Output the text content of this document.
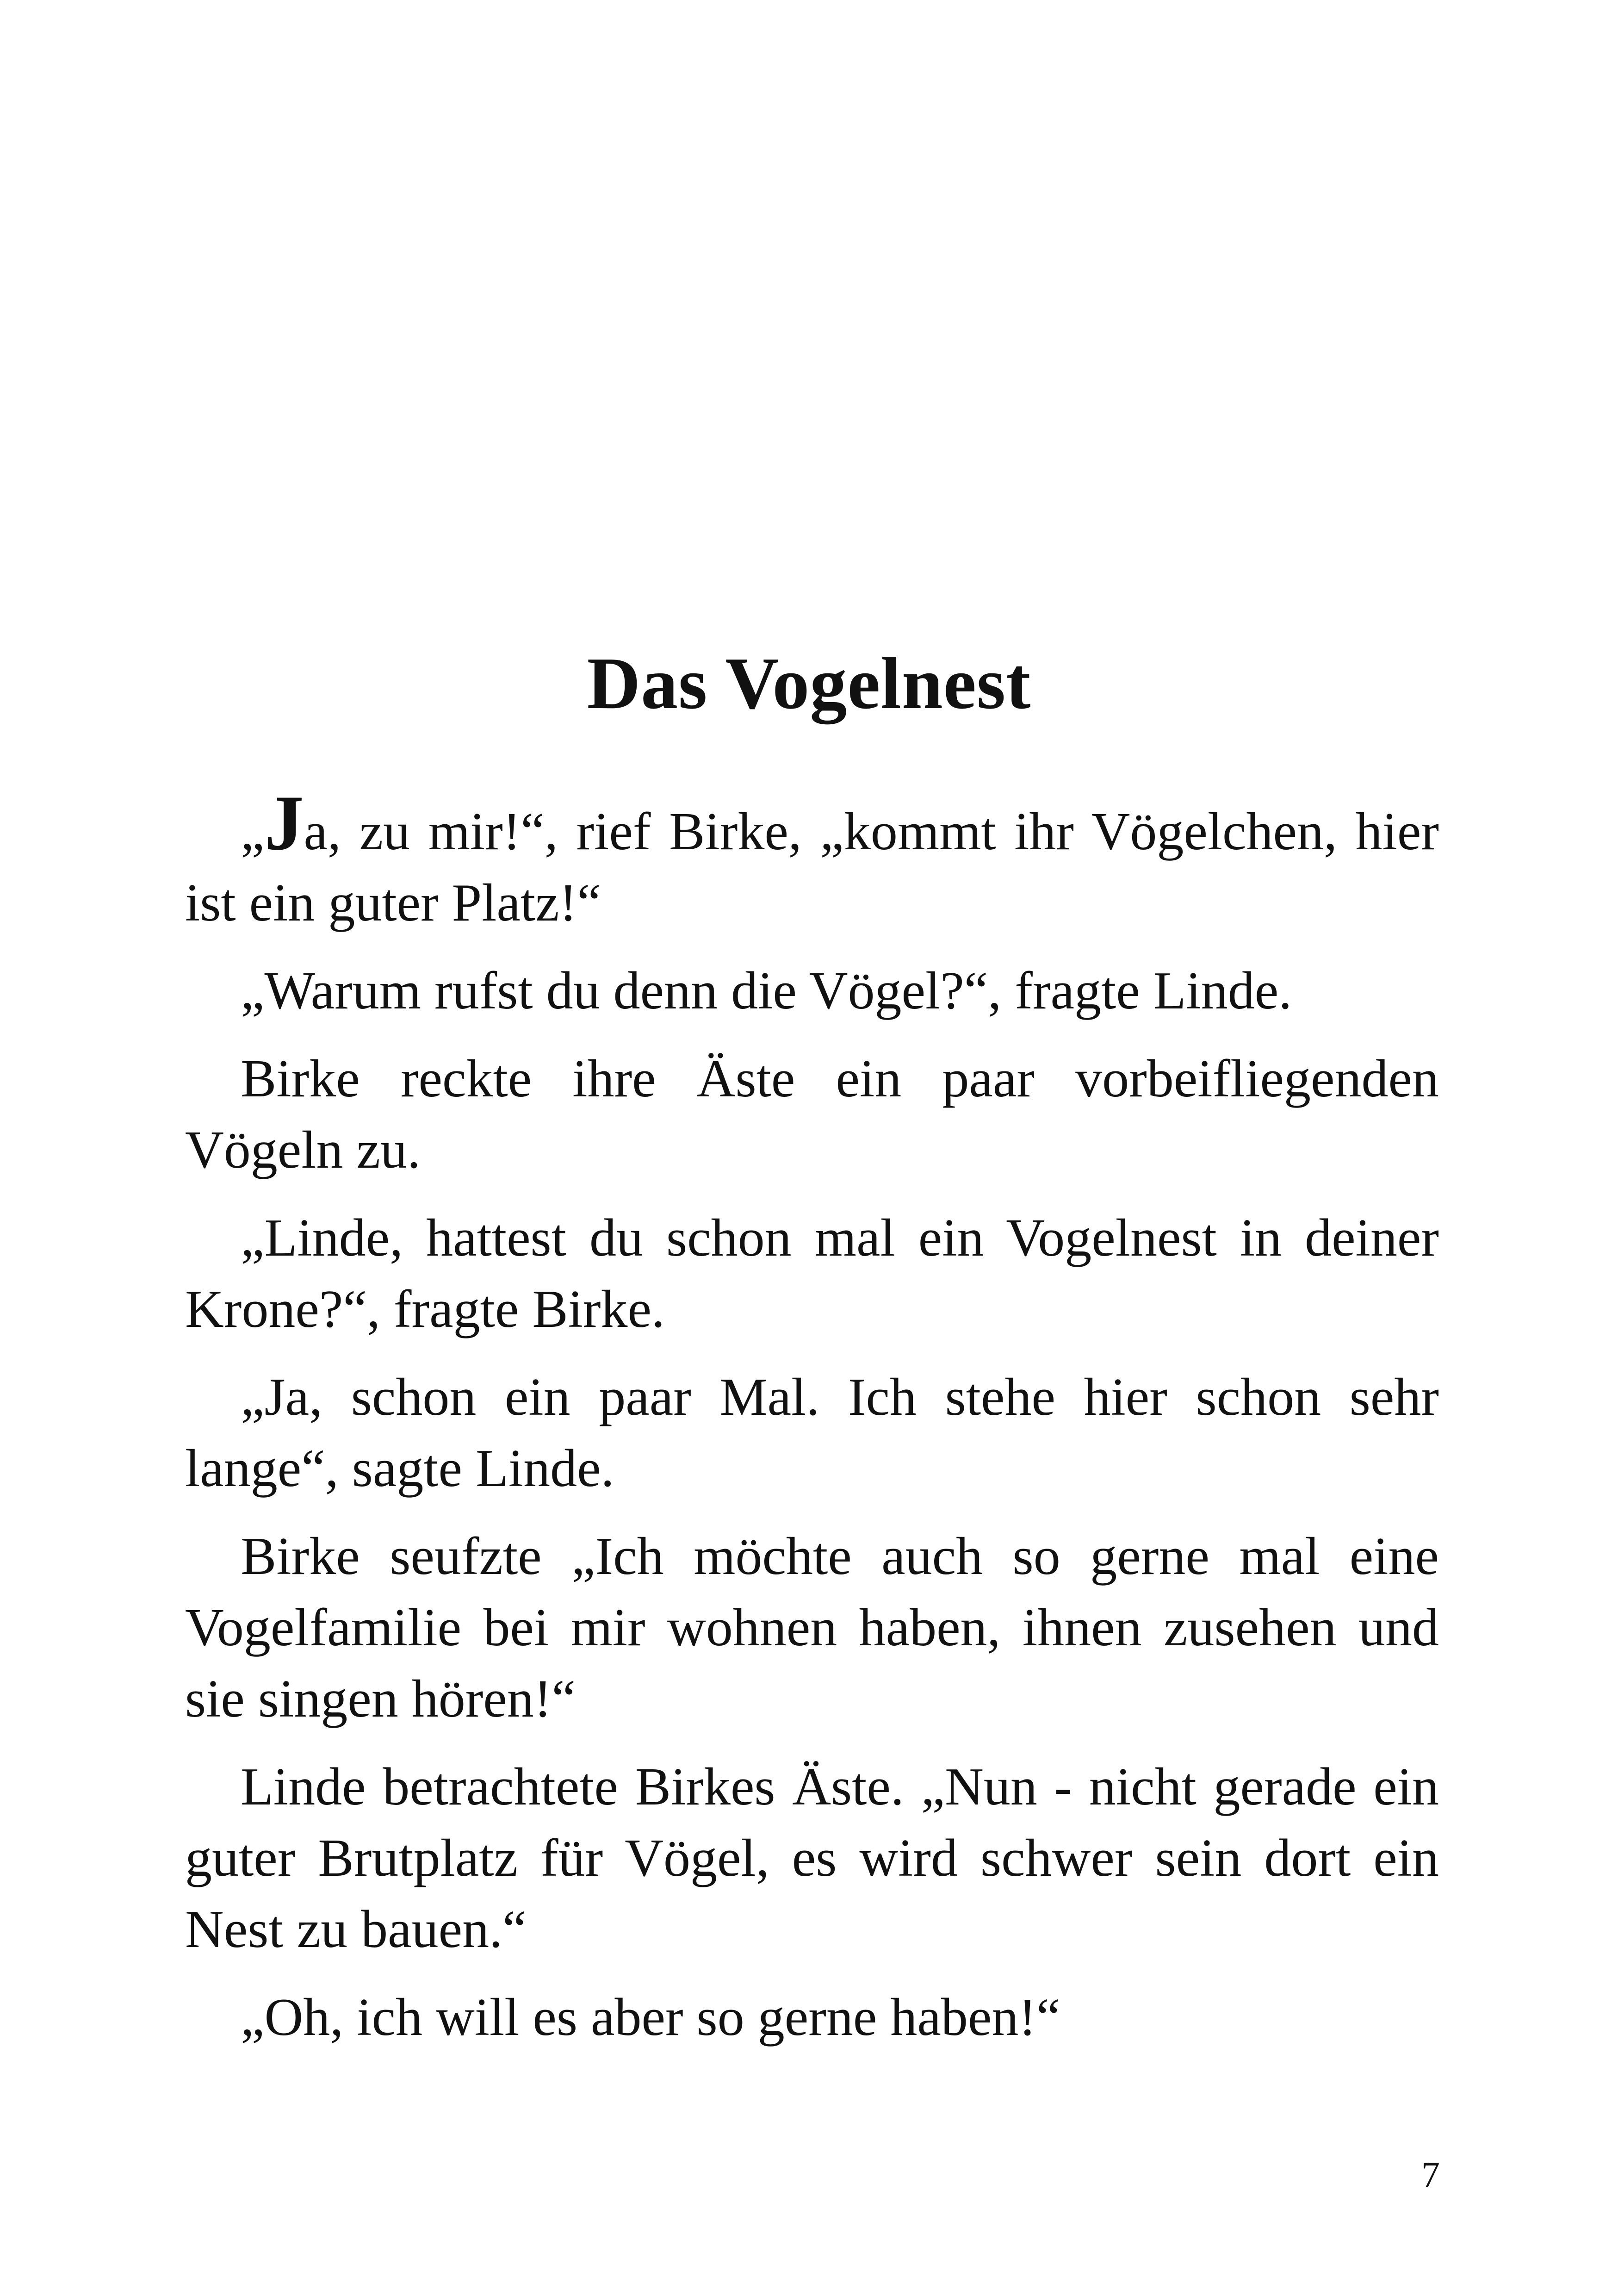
Das Vogelnest

„Ja, zu mir!“, rief Birke, „kommt ihr Vögelchen, hier ist ein guter Platz!“

„Warum rufst du denn die Vögel?“, fragte Linde.

Birke reckte ihre Äste ein paar vorbeifliegenden Vögeln zu.

„Linde, hattest du schon mal ein Vogelnest in deiner Krone?“, fragte Birke.

„Ja, schon ein paar Mal. Ich stehe hier schon sehr lange“, sagte Linde.

Birke seufzte „Ich möchte auch so gerne mal eine Vogelfamilie bei mir wohnen haben, ihnen zusehen und sie singen hören!“

Linde betrachtete Birkes Äste. „Nun - nicht gerade ein guter Brutplatz für Vögel, es wird schwer sein dort ein Nest zu bauen.“

„Oh, ich will es aber so gerne haben!“

7
